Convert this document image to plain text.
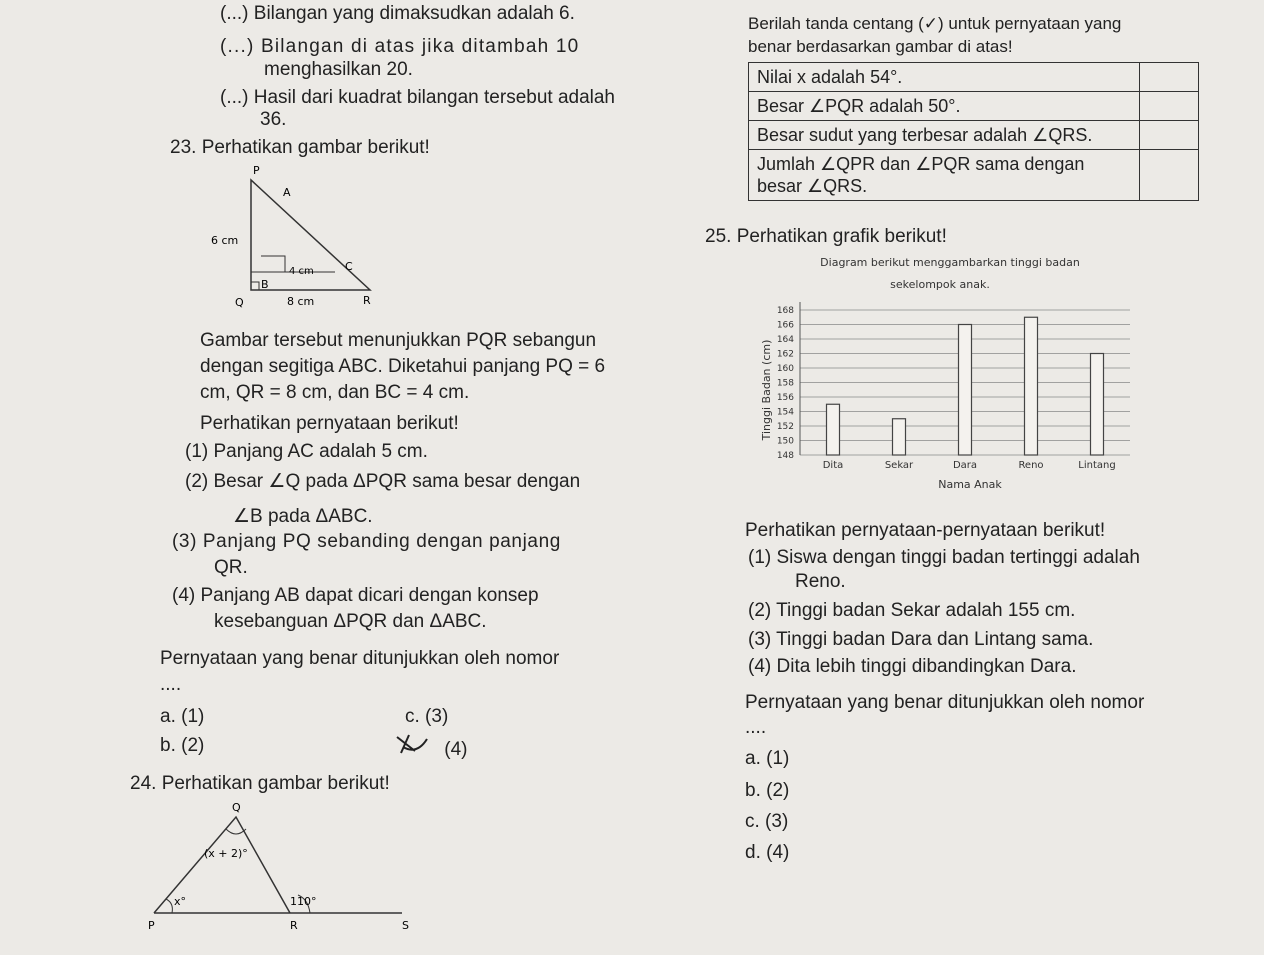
(...) Bilangan yang dimaksudkan adalah 6.
(...) Bilangan di atas jika ditambah 10
menghasilkan 20.
(...) Hasil dari kuadrat bilangan tersebut adalah
36.
23. Perhatikan gambar berikut!
P
A
6 cm
4 cm	C
B
Q	8 cm	R
Gambar tersebut menunjukkan PQR sebangun
dengan segitiga ABC. Diketahui panjang PQ = 6
cm, QR = 8 cm, dan BC = 4 cm.
Perhatikan pernyataan berikut!
(1) Panjang AC adalah 5 cm.
(2) Besar ∠Q pada ΔPQR sama besar dengan
∠B pada ΔABC.
(3) Panjang PQ sebanding dengan panjang
QR.
(4) Panjang AB dapat dicari dengan konsep
kesebanguan ΔPQR dan ΔABC.
Pernyataan yang benar ditunjukkan oleh nomor
....
a. (1)	c. (3)
b. (2)	(4)
24. Perhatikan gambar berikut!
Q
(x + 2)°
x°	110°
P	R	S
Berilah tanda centang (✓) untuk pernyataan yang
benar berdasarkan gambar di atas!
Nilai x adalah 54°.	
Besar ∠PQR adalah 50°.	
Besar sudut yang terbesar adalah ∠QRS.	

Jumlah ∠QPR dan ∠PQR sama dengan
besar ∠QRS.	

25. Perhatikan grafik berikut!
Diagram berikut menggambarkan tinggi badan
sekelompok anak.
148
150
152
154
156
158
160
162
164
166
168
Dita	Sekar	Dara	Reno	Lintang
Tinggi Badan (cm)
Nama Anak
Perhatikan pernyataan-pernyataan berikut!
(1) Siswa dengan tinggi badan tertinggi adalah
Reno.
(2) Tinggi badan Sekar adalah 155 cm.
(3) Tinggi badan Dara dan Lintang sama.
(4) Dita lebih tinggi dibandingkan Dara.
Pernyataan yang benar ditunjukkan oleh nomor
....
a. (1)
b. (2)
c. (3)
d. (4)
